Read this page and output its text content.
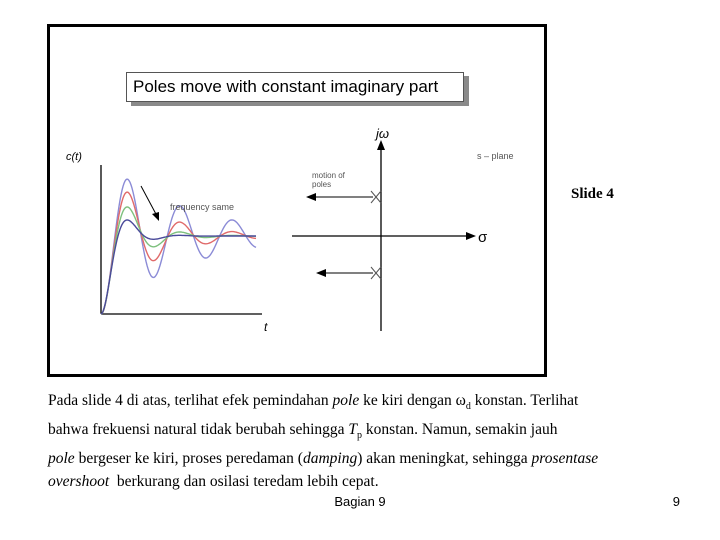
Poles move with constant imaginary part
c(t)
t
frequency same
jω
σ
s – plane
motion of
poles
Slide 4
Pada slide 4 di atas, terlihat efek pemindahan pole ke kiri dengan $\omega_d$ konstan. Terlihat
bahwa frekuensi natural tidak berubah sehingga $T_p$ konstan. Namun, semakin jauh
pole bergeser ke kiri, proses peredaman (damping) akan meningkat, sehingga prosentase
overshoot  berkurang dan osilasi teredam lebih cepat.
Bagian 9	9
